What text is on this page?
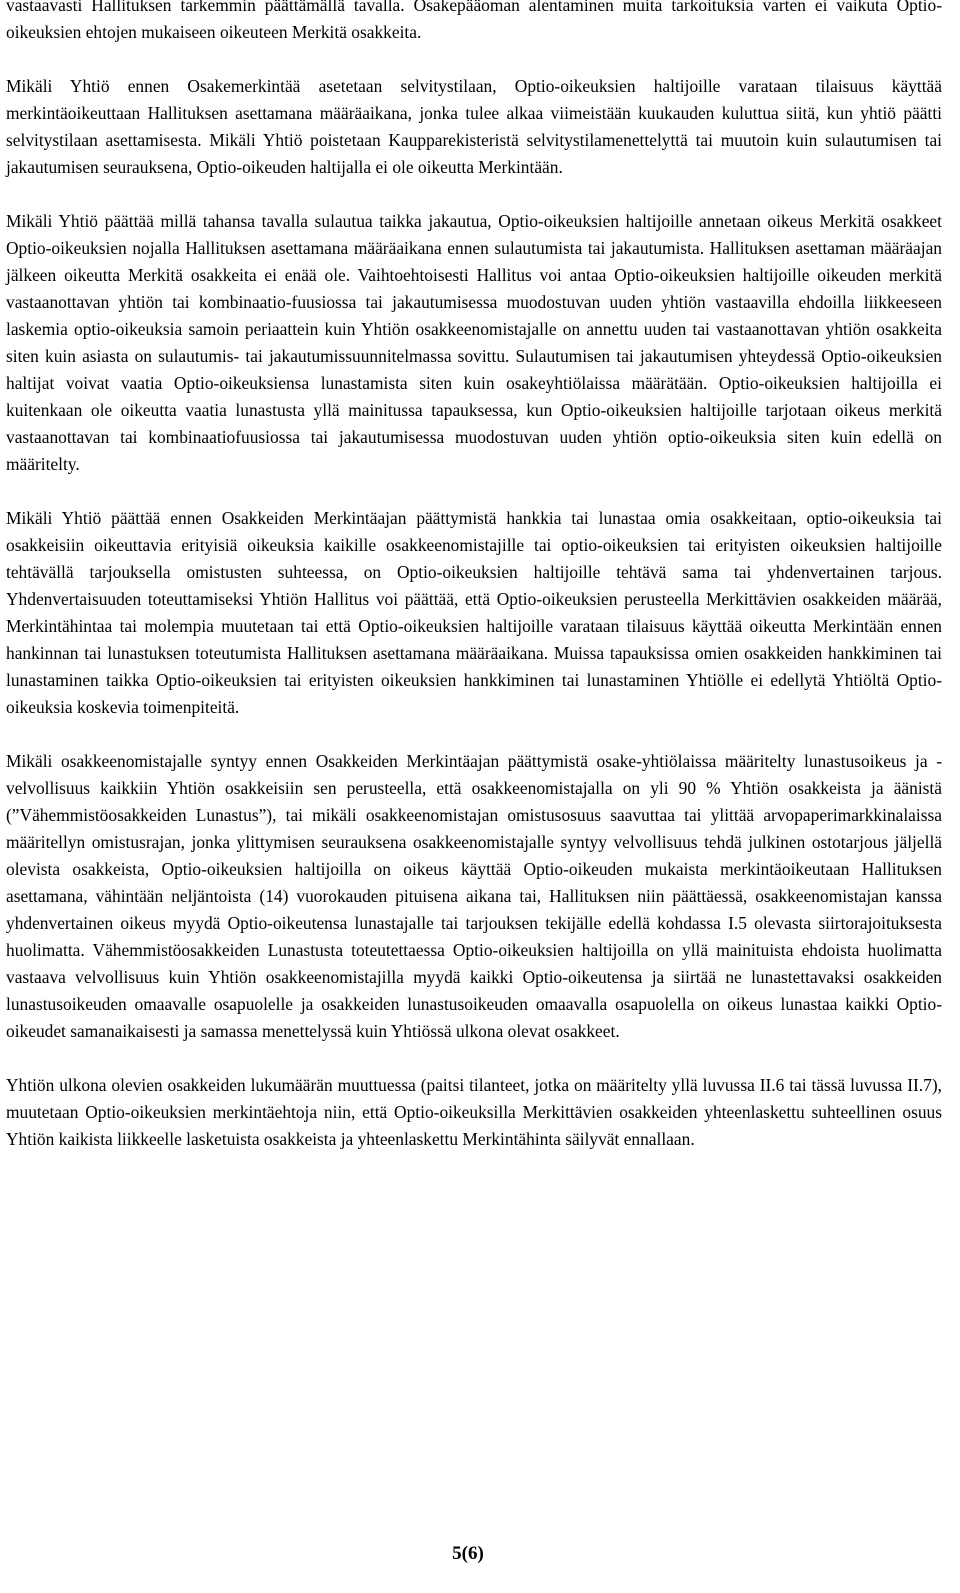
vastaavasti Hallituksen tarkemmin päättämällä tavalla. Osakepääoman alentaminen muita tarkoituksia varten ei vaikuta Optio-oikeuksien ehtojen mukaiseen oikeuteen Merkitä osakkeita.

Mikäli Yhtiö ennen Osakemerkintää asetetaan selvitystilaan, Optio-oikeuksien haltijoille varataan tilaisuus käyttää merkintäoikeuttaan Hallituksen asettamana määräaikana, jonka tulee alkaa viimeistään kuukauden kuluttua siitä, kun yhtiö päätti selvitystilaan asettamisesta. Mikäli Yhtiö poistetaan Kaupparekisteristä selvitystilamenettelyttä tai muutoin kuin sulautumisen tai jakautumisen seurauksena, Optio-oikeuden haltijalla ei ole oikeutta Merkintään.

Mikäli Yhtiö päättää millä tahansa tavalla sulautua taikka jakautua, Optio-oikeuksien haltijoille annetaan oikeus Merkitä osakkeet Optio-oikeuksien nojalla Hallituksen asettamana määräaikana ennen sulautumista tai jakautumista. Hallituksen asettaman määräajan jälkeen oikeutta Merkitä osakkeita ei enää ole. Vaihtoehtoisesti Hallitus voi antaa Optio-oikeuksien haltijoille oikeuden merkitä vastaanottavan yhtiön tai kombinaatio-fuusiossa tai jakautumisessa muodostuvan uuden yhtiön vastaavilla ehdoilla liikkeeseen laskemia optio-oikeuksia samoin periaattein kuin Yhtiön osakkeenomistajalle on annettu uuden tai vastaanottavan yhtiön osakkeita siten kuin asiasta on sulautumis- tai jakautumissuunnitelmassa sovittu. Sulautumisen tai jakautumisen yhteydessä Optio-oikeuksien haltijat voivat vaatia Optio-oikeuksiensa lunastamista siten kuin osakeyhtiölaissa määrätään. Optio-oikeuksien haltijoilla ei kuitenkaan ole oikeutta vaatia lunastusta yllä mainitussa tapauksessa, kun Optio-oikeuksien haltijoille tarjotaan oikeus merkitä vastaanottavan tai kombinaatiofuusiossa tai jakautumisessa muodostuvan uuden yhtiön optio-oikeuksia siten kuin edellä on määritelty.

Mikäli Yhtiö päättää ennen Osakkeiden Merkintäajan päättymistä hankkia tai lunastaa omia osakkeitaan, optio-oikeuksia tai osakkeisiin oikeuttavia erityisiä oikeuksia kaikille osakkeenomistajille tai optio-oikeuksien tai erityisten oikeuksien haltijoille tehtävällä tarjouksella omistusten suhteessa, on Optio-oikeuksien haltijoille tehtävä sama tai yhdenvertainen tarjous. Yhdenvertaisuuden toteuttamiseksi Yhtiön Hallitus voi päättää, että Optio-oikeuksien perusteella Merkittävien osakkeiden määrää, Merkintähintaa tai molempia muutetaan tai että Optio-oikeuksien haltijoille varataan tilaisuus käyttää oikeutta Merkintään ennen hankinnan tai lunastuksen toteutumista Hallituksen asettamana määräaikana. Muissa tapauksissa omien osakkeiden hankkiminen tai lunastaminen taikka Optio-oikeuksien tai erityisten oikeuksien hankkiminen tai lunastaminen Yhtiölle ei edellytä Yhtiöltä Optio-oikeuksia koskevia toimenpiteitä.

Mikäli osakkeenomistajalle syntyy ennen Osakkeiden Merkintäajan päättymistä osake-yhtiölaissa määritelty lunastusoikeus ja -velvollisuus kaikkiin Yhtiön osakkeisiin sen perusteella, että osakkeenomistajalla on yli 90 % Yhtiön osakkeista ja äänistä (”Vähemmistöosakkeiden Lunastus”), tai mikäli osakkeenomistajan omistusosuus saavuttaa tai ylittää arvopaperimarkkinalaissa määritellyn omistusrajan, jonka ylittymisen seurauksena osakkeenomistajalle syntyy velvollisuus tehdä julkinen ostotarjous jäljellä olevista osakkeista, Optio-oikeuksien haltijoilla on oikeus käyttää Optio-oikeuden mukaista merkintäoikeutaan Hallituksen asettamana, vähintään neljäntoista (14) vuorokauden pituisena aikana tai, Hallituksen niin päättäessä, osakkeenomistajan kanssa yhdenvertainen oikeus myydä Optio-oikeutensa lunastajalle tai tarjouksen tekijälle edellä kohdassa I.5 olevasta siirtorajoituksesta huolimatta. Vähemmistöosakkeiden Lunastusta toteutettaessa Optio-oikeuksien haltijoilla on yllä mainituista ehdoista huolimatta vastaava velvollisuus kuin Yhtiön osakkeenomistajilla myydä kaikki Optio-oikeutensa ja siirtää ne lunastettavaksi osakkeiden lunastusoikeuden omaavalle osapuolelle ja osakkeiden lunastusoikeuden omaavalla osapuolella on oikeus lunastaa kaikki Optio-oikeudet samanaikaisesti ja samassa menettelyssä kuin Yhtiössä ulkona olevat osakkeet.

Yhtiön ulkona olevien osakkeiden lukumäärän muuttuessa (paitsi tilanteet, jotka on määritelty yllä luvussa II.6 tai tässä luvussa II.7), muutetaan Optio-oikeuksien merkintäehtoja niin, että Optio-oikeuksilla Merkittävien osakkeiden yhteenlaskettu suhteellinen osuus Yhtiön kaikista liikkeelle lasketuista osakkeista ja yhteenlaskettu Merkintähinta säilyvät ennallaan.

5(6)
